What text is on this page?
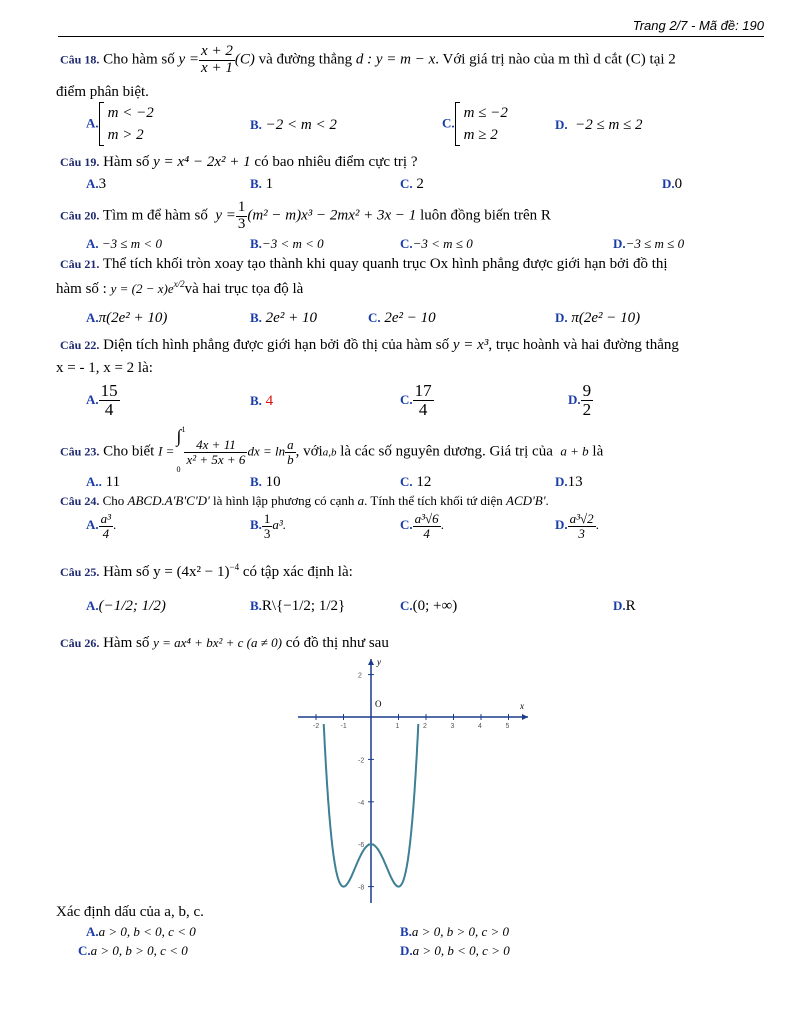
Trang 2/7 - Mã đề: 190
Câu 18. Cho hàm số $y = \frac{x + 2}{x + 1} (C)$ và đường thẳng d : y = m − x. Với giá trị nào của m thì d cắt (C) tại 2
điểm phân biệt.
A.
m < −2
m > 2
B. −2 < m < 2	C.
m ≤ −2
m ≥ 2
D. −2 ≤ m ≤ 2
Câu 19. Hàm số y = x⁴ − 2x² + 1 có bao nhiêu điểm cực trị ?
A.3	B. 1	C. 2	D.0
Câu 20. Tìm m để hàm số $y = \frac{1}{3} (m^2 - m)x^3 - 2mx^2 + 3x - 1$ luôn đồng biến trên R
A. −3 ≤ m < 0	B.−3 < m < 0	C.−3 < m ≤ 0	D.−3 ≤ m ≤ 0
Câu 21. Thể tích khối tròn xoay tạo thành khi quay quanh trục Ox hình phẳng được giới hạn bởi đồ thị
hàm số : $y = (2 - x)e^{x/2}và$ hai trục tọa độ là
A.π(2e² + 10)	B. 2e² + 10	C. 2e² − 10	D. π(2e² − 10)
Câu 22. Diện tích hình phẳng được giới hạn bởi đồ thị của hàm số y = x³, trục hoành và hai đường thẳng
x = - 1, x = 2 là:
A. $\frac{15}{4}$	B. 4	C. $\frac{17}{4}$	D. $\frac{9}{2}$
Câu 23. Cho biết I =
∫ 1
0
$\frac{4x + 11}{\text{x² + 5x + 6}}$ dx = $\ln \frac{a}{b}$ , vớia,b là các số nguyên dương. Giá trị của a + b là
A.. 11	B. 10	C. 12	D.13
Câu 24. Cho ABCD.A'B'C'D' là hình lập phương có cạnh a. Tính thể tích khối tứ diện ACD'B'.
A. $\frac{\text{a³}}{4}$ .	B. $\frac{1}{3} a^3$.	C. $\frac{\text{a³√6}}{4}$ .	D. $\frac{\text{a³√2}}{3}$ .
Câu 25. Hàm số $y = (4x^2 - 1)^{-4}$ có tập xác định là:
A.(−1/2; 1/2)	B.R\{−1/2; 1/2}	C.(0; +∞)	D.R
Câu 26. Hàm số y = ax⁴ + bx² + c (a ≠ 0) có đồ thị như sau
x
y
O
-2	-1	1	2	3	4	5
2
-2
-4
-6
-8
Xác định dấu của a, b, c.
A.a > 0, b < 0, c < 0	B.a > 0, b > 0, c > 0
C.a > 0, b > 0, c < 0	D.a > 0, b < 0, c > 0
